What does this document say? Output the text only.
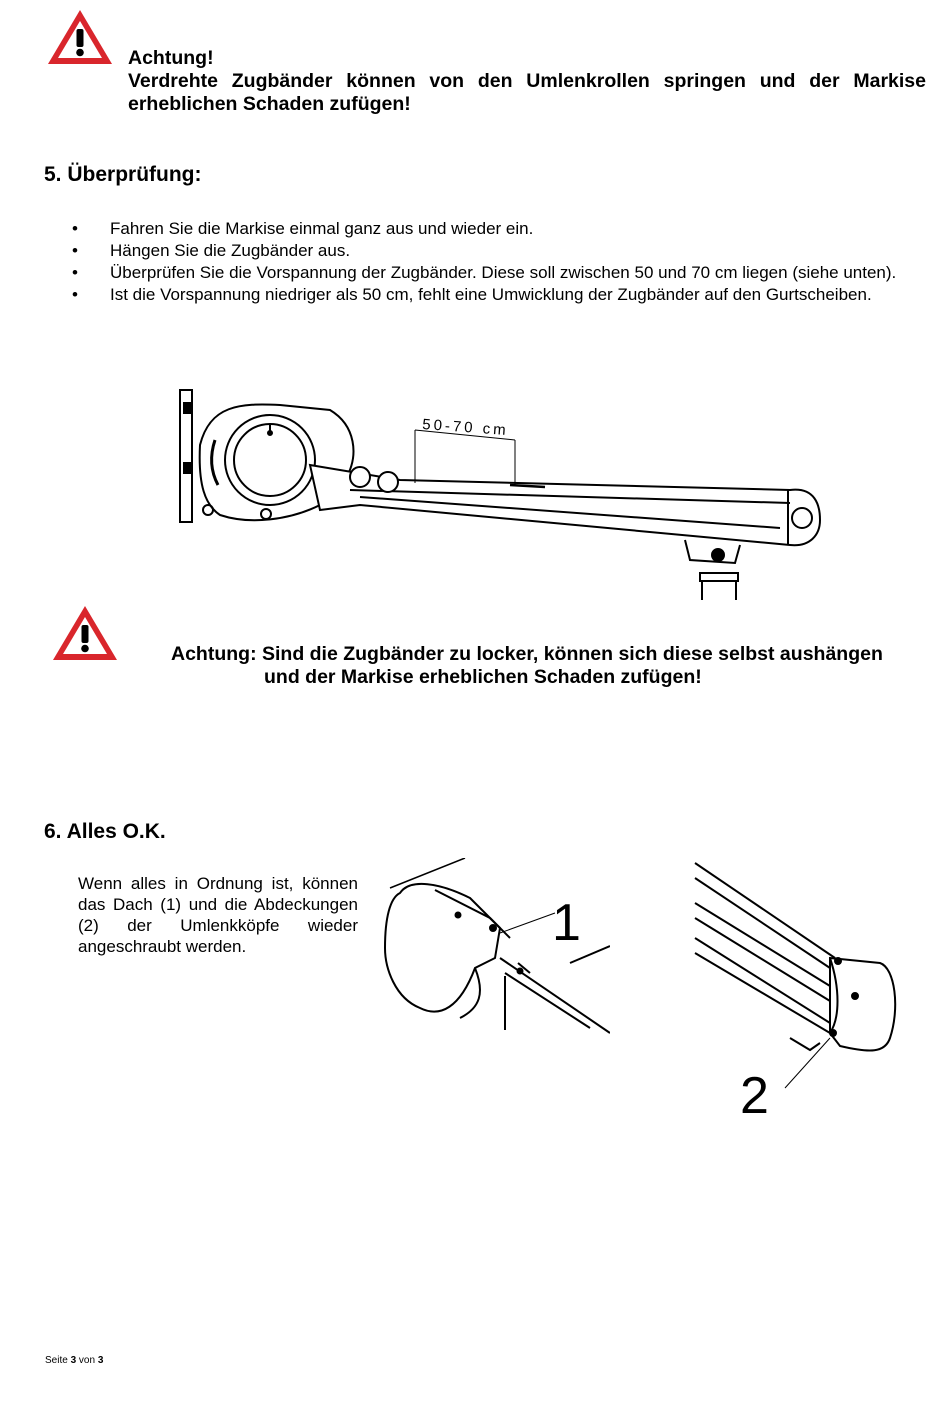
Achtung!
Verdrehte Zugbänder können von den Umlenkrollen springen und der Markise erheblichen Schaden zufügen!
5. Überprüfung:
• Fahren Sie die Markise einmal ganz aus und wieder ein.
• Hängen Sie die Zugbänder aus.
• Überprüfen Sie die Vorspannung der Zugbänder. Diese soll zwischen 50 und 70 cm liegen (siehe unten).
• Ist die Vorspannung niedriger als 50 cm, fehlt eine Umwicklung der Zugbänder auf den Gurtscheiben.
50-70 cm
Achtung: Sind die Zugbänder zu locker, können sich diese selbst aushängen
und der Markise erheblichen Schaden zufügen!
6. Alles O.K.
Wenn alles in Ordnung ist, können das Dach (1) und die Abdeckungen (2) der Umlenkköpfe wieder angeschraubt werden.	1
2
Seite 3 von 3
